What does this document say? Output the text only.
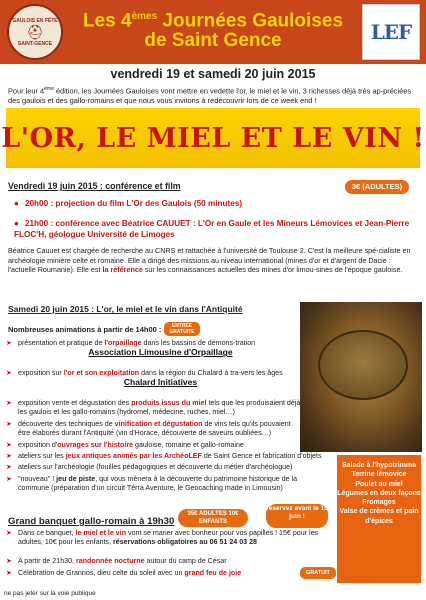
GAULOIS EN FÊTE
⛑
SAINT-GENCE
Les 4èmes Journées Gauloises
de Saint Gence	LEF
vendredi 19 et samedi 20 juin 2015
Pour leur 4ème édition, les Journées Gauloises vont mettre en vedette l'or, le miel et le vin, 3 richesses déjà très ap-préciées des gaulois et des gallo-romains et que nous vous invitons à redécouvrir lors de ce week end !
L'OR, LE MIEL ET LE VIN !
Vendredi 19 juin 2015 : conférence et film	3€ (ADULTES)
● 20h00 : projection du film L'Or des Gaulois (50 minutes)
● 21h00 : conférence avec Béatrice CAUUET : L'Or en Gaule et les Mineurs Lémovices et Jean-Pierre FLOC'H, géologue Université de Limoges
Béatrice Cauuet est chargée de recherche au CNRS et rattachée à l'université de Toulouse 2. C'est la meilleure spé-cialiste en archéologie minière celte et romaine. Elle a dirigé des missions au niveau international (mines d'or et d'argent de Dacie : l'actuelle Roumanie). Elle est la référence sur les connaissances actuelles des mines d'or limou-sines de l'époque gauloise.
Samedi 20 juin 2015 : L'or, le miel et le vin dans l'Antiquité
Nombreuses animations à partir de 14h00 :	ENTRÉE GRATUITE
➤ présentation et pratique de l'orpaillage dans les bassins de démons-tration
Association Limousine d'Orpaillage
➤ exposition sur l'or et son exploitation dans la région du Chalard à tra-vers les âges
Chalard Initiatives
➤ exposition vente et dégustation des produits issus du miel tels que les produisaient déjà les gaulois et les gallo-romains (hydromel, médecine, ruches, miel…)
➤ découverte des techniques de vinification et dégustation de vins tels qu'ils pouvaient être élaborés durant l'Antiquité (vin d'Horace, découverte de saveurs oubliées…)
➤ exposition d'ouvrages sur l'histoire gauloise, romaine et gallo-romaine
➤ ateliers sur les jeux antiques animés par les ArchéoLEF de Saint Gence et fabrication d'objets
➤ ateliers sur l'archéologie (fouilles pédagogiques et découverte du métier d'archéologue)
➤ "nouveau" ! jeu de piste, qui vous mènera à la découverte du patrimoine historique de la commune (préparation d'un circuit Térra Aventure, le Geocaching made in Limousin)
Salade à l'hypotrimma
Terrine lémovice
Poulet au miel
Légumes en deux façons
Fromages
Valse de crèmes et pain d'épices
Grand banquet gallo-romain à 19h30
35€ ADULTES 10€ ENFANTS
réservez avant le 15 juin !
➤ Dans ce banquet, le miel et le vin vont se marier avec bonheur pour vos papilles ! 15€ pour les adultes, 10€ pour les enfants, réservations obligatoires au 06 51 24 03 28
➤ A partir de 21h30, randonnée nocturne autour du camp de César
➤ Célébration de Grannos, dieu celte du soleil avec un grand feu de joie	GRATUIT
ne pas jeter sur la voie publique
